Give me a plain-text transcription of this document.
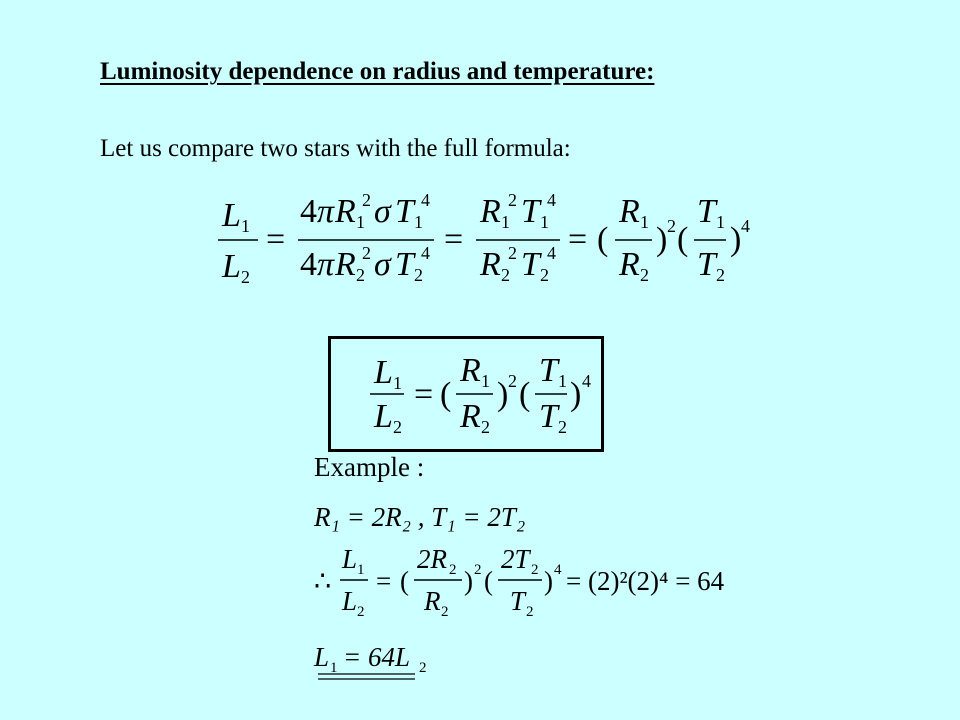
Luminosity dependence on radius and temperature:
Let us compare two stars with the full formula:
L 1
L 2
=
4 π R 1
2 σ T 1
4
4 π R 2
2 σ T 2
4 =
R 1
2 T 1
4
R 2
2 T 2
4 = (
R 1
R 2
) 2 (
T 1
T 2
) 4
L 1
L 2
= (
R 1
R 2
) 2 (
T 1
T 2
) 4
Example :
R₁ = 2R₂ , T₁ = 2T₂
∴
L 1
L 2
= (
2R 2
R 2
) 2 (
2T 2
T 2
) 4 = (2)²(2)⁴ = 64
L 1 = 64L 2
